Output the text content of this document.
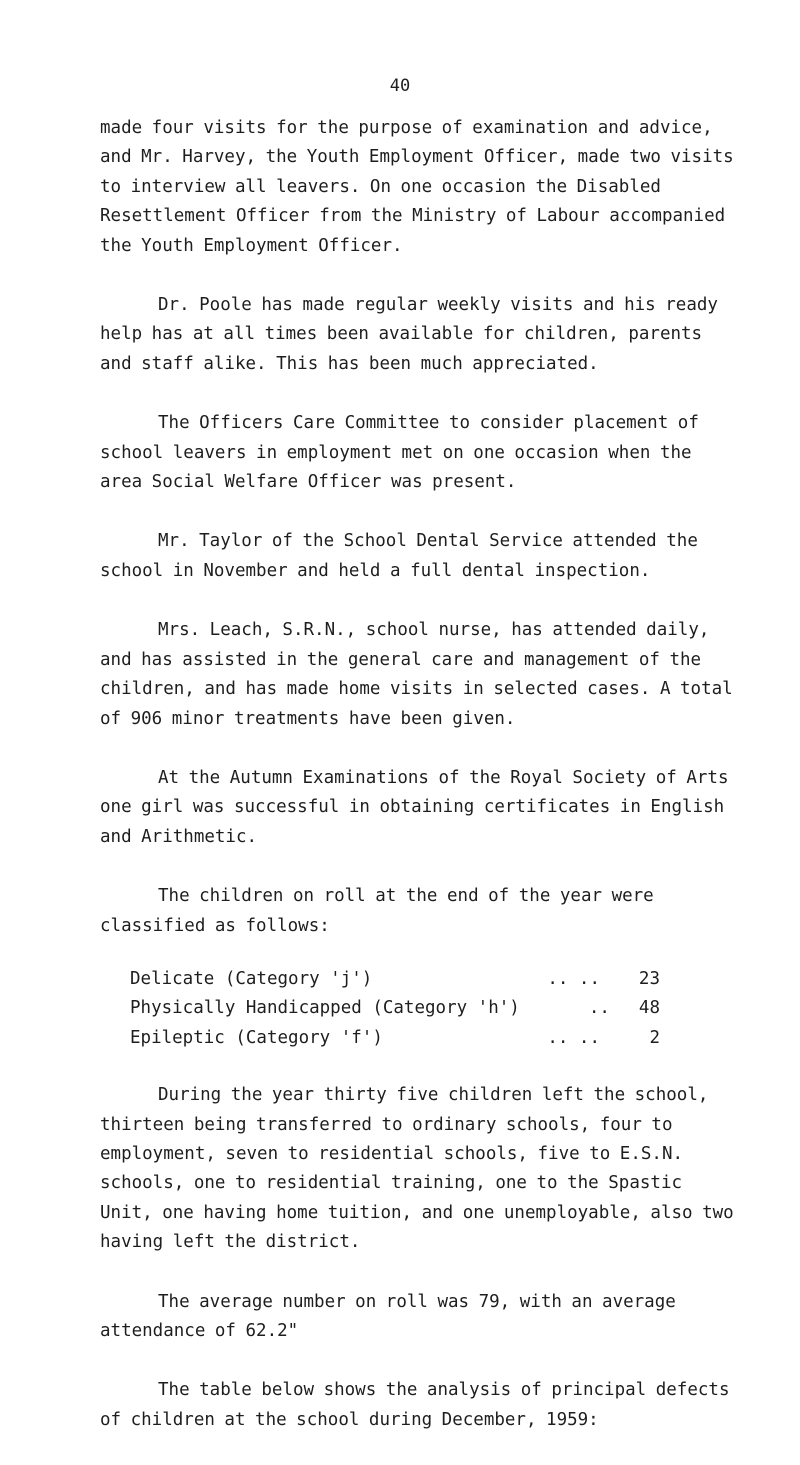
40

made four visits for the purpose of examination and advice, and Mr. Harvey, the Youth Employment Officer, made two visits to interview all leavers. On one occasion the Disabled Resettlement Officer from the Ministry of Labour accompanied the Youth Employment Officer.

Dr. Poole has made regular weekly visits and his ready help has at all times been available for children, parents and staff alike. This has been much appreciated.

The Officers Care Committee to consider placement of school leavers in employment met on one occasion when the area Social Welfare Officer was present.

Mr. Taylor of the School Dental Service attended the school in November and held a full dental inspection.

Mrs. Leach, S.R.N., school nurse, has attended daily, and has assisted in the general care and management of the children, and has made home visits in selected cases. A total of 906 minor treatments have been given.

At the Autumn Examinations of the Royal Society of Arts one girl was successful in obtaining certificates in English and Arithmetic.

The children on roll at the end of the year were classified as follows:

Delicate (Category 'j')	.. ..	23
Physically Handicapped (Category 'h')	..	48
Epileptic (Category 'f')	.. ..	2

During the year thirty five children left the school, thirteen being transferred to ordinary schools, four to employment, seven to residential schools, five to E.S.N. schools, one to residential training, one to the Spastic Unit, one having home tuition, and one unemployable, also two having left the district.

The average number on roll was 79, with an average attendance of 62.2"

The table below shows the analysis of principal defects of children at the school during December, 1959:
